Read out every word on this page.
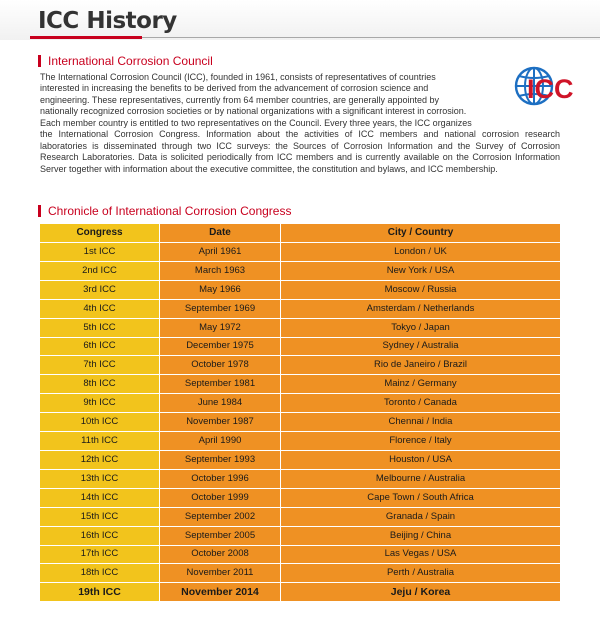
ICC History
International Corrosion Council
The International Corrosion Council (ICC), founded in 1961, consists of representatives of countries
interested in increasing the benefits to be derived from the advancement of corrosion science and
engineering. These representatives, currently from 64 member countries, are generally appointed by
nationally recognized corrosion societies or by national organizations with a significant interest in corrosion.
Each member country is entitled to two representatives on the Council. Every three years, the ICC organizes
the International Corrosion Congress. Information about the activities of ICC members and national corrosion research laboratories is disseminated through two ICC surveys: the Sources of Corrosion Information and the Survey of Corrosion Research Laboratories. Data is solicited periodically from ICC members and is currently available on the Corrosion Information Server together with information about the executive committee, the constitution and bylaws, and ICC membership.
ICC
Chronicle of International Corrosion Congress
Congress	Date	City / Country
1st ICC	April 1961	London / UK
2nd ICC	March 1963	New York / USA
3rd ICC	May 1966	Moscow / Russia
4th ICC	September 1969	Amsterdam / Netherlands
5th ICC	May 1972	Tokyo / Japan
6th ICC	December 1975	Sydney / Australia
7th ICC	October 1978	Rio de Janeiro / Brazil
8th ICC	September 1981	Mainz / Germany
9th ICC	June 1984	Toronto / Canada
10th ICC	November 1987	Chennai / India
11th ICC	April 1990	Florence / Italy
12th ICC	September 1993	Houston / USA
13th ICC	October 1996	Melbourne / Australia
14th ICC	October 1999	Cape Town / South Africa
15th ICC	September 2002	Granada / Spain
16th ICC	September 2005	Beijing / China
17th ICC	October 2008	Las Vegas / USA
18th ICC	November 2011	Perth / Australia
19th ICC	November 2014	Jeju / Korea
